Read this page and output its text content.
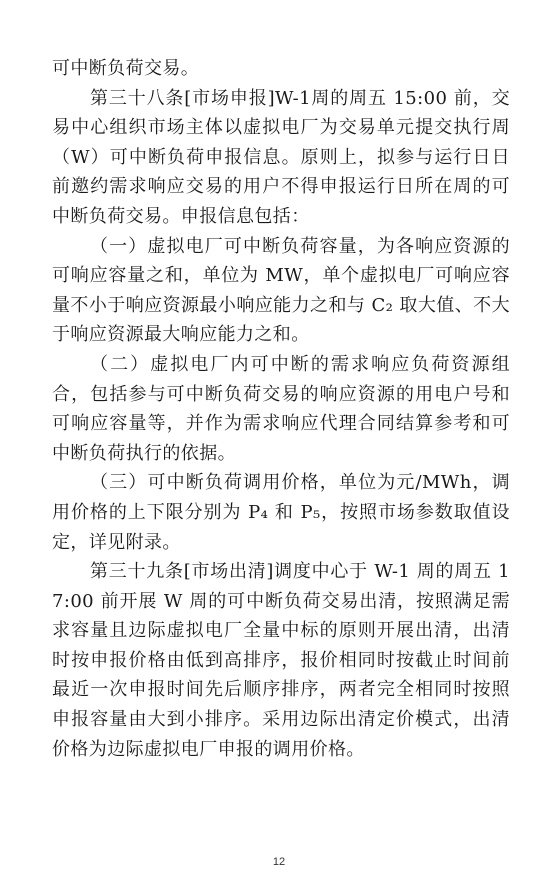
可中断负荷交易。

第三十八条[市场申报]W-1周的周五 15:00 前，交易中心组织市场主体以虚拟电厂为交易单元提交执行周（W）可中断负荷申报信息。原则上，拟参与运行日日前邀约需求响应交易的用户不得申报运行日所在周的可中断负荷交易。申报信息包括：

（一）虚拟电厂可中断负荷容量，为各响应资源的可响应容量之和，单位为 MW，单个虚拟电厂可响应容量不小于响应资源最小响应能力之和与 C₂ 取大值、不大于响应资源最大响应能力之和。

（二）虚拟电厂内可中断的需求响应负荷资源组合，包括参与可中断负荷交易的响应资源的用电户号和可响应容量等，并作为需求响应代理合同结算参考和可中断负荷执行的依据。

（三）可中断负荷调用价格，单位为元/MWh，调用价格的上下限分别为 P₄ 和 P₅，按照市场参数取值设定，详见附录。

第三十九条[市场出清]调度中心于 W-1 周的周五 17:00 前开展 W 周的可中断负荷交易出清，按照满足需求容量且边际虚拟电厂全量中标的原则开展出清，出清时按申报价格由低到高排序，报价相同时按截止时间前最近一次申报时间先后顺序排序，两者完全相同时按照申报容量由大到小排序。采用边际出清定价模式，出清价格为边际虚拟电厂申报的调用价格。

12
